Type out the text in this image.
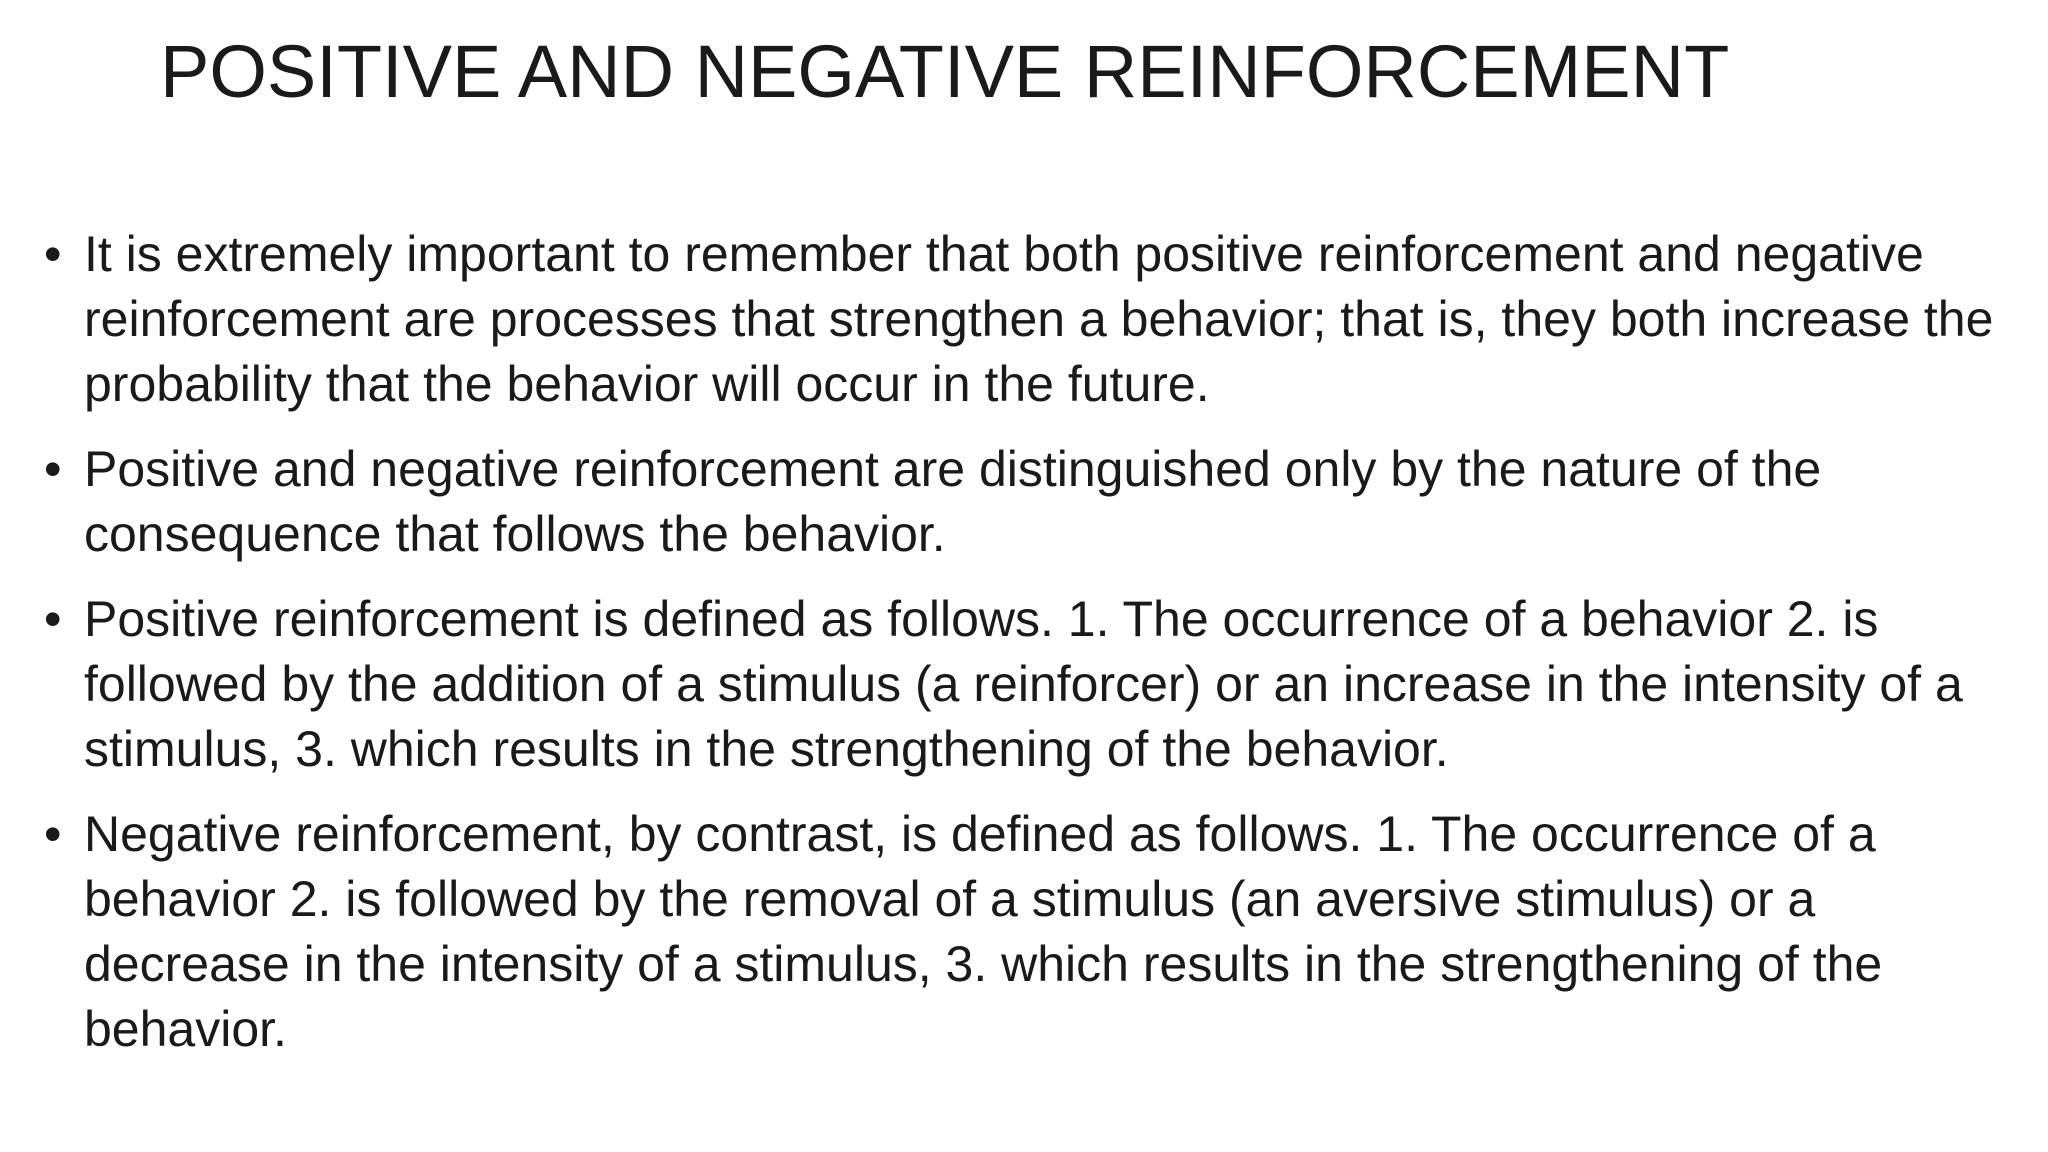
POSITIVE AND NEGATIVE REINFORCEMENT
• It is extremely important to remember that both positive reinforcement and negative reinforcement are processes that strengthen a behavior; that is, they both increase the probability that the behavior will occur in the future.
• Positive and negative reinforcement are distinguished only by the nature of the consequence that follows the behavior.
• Positive reinforcement is defined as follows. 1. The occurrence of a behavior 2. is followed by the addition of a stimulus (a reinforcer) or an increase in the intensity of a stimulus, 3. which results in the strengthening of the behavior.
• Negative reinforcement, by contrast, is defined as follows. 1. The occurrence of a behavior 2. is followed by the removal of a stimulus (an aversive stimulus) or a decrease in the intensity of a stimulus, 3. which results in the strengthening of the behavior.
